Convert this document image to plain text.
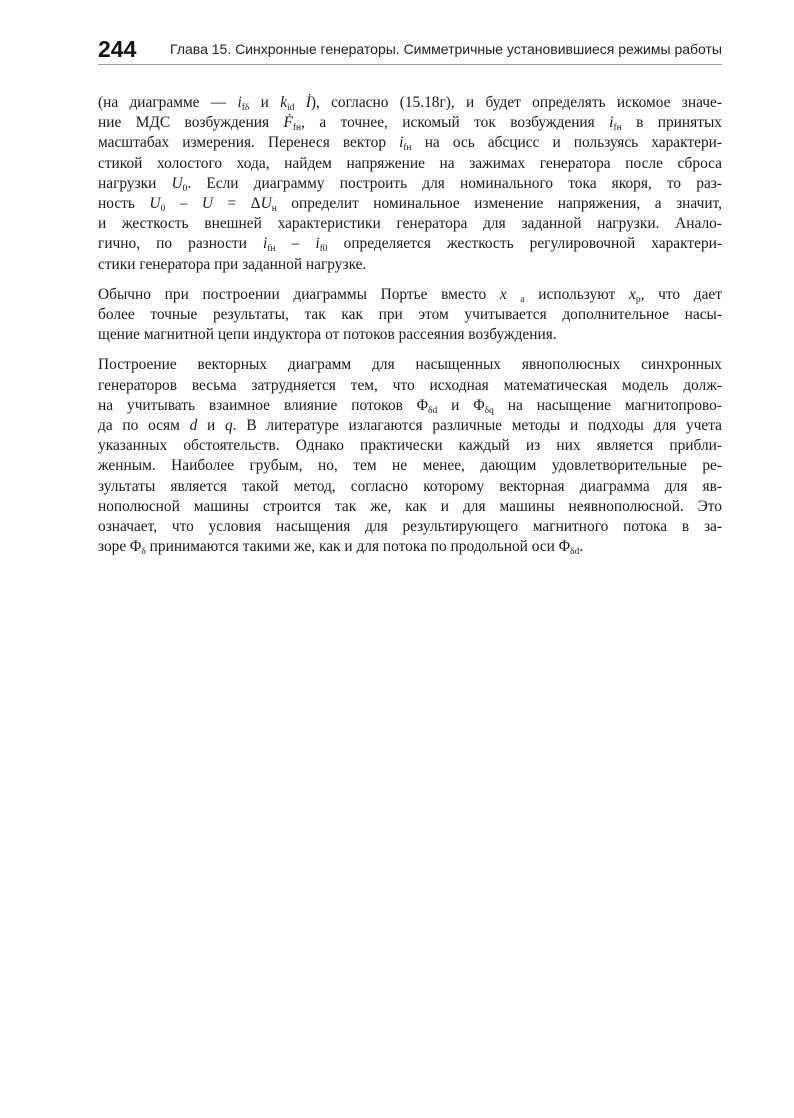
244 Глава 15. Синхронные генераторы. Симметричные установившиеся режимы работы
(на диаграмме — $i_{f\delta}$ и $k_{id}$ İ), согласно (15.18г), и будет определять искомое значе-
ние МДС возбуждения Ḟ$_{fн}$, а точнее, искомый ток возбуждения $i_{fн}$ в принятых
масштабах измерения. Перенеся вектор $i_{fн}$ на ось абсцисс и пользуясь характери-
стикой холостого хода, найдем напряжение на зажимах генератора после сброса
нагрузки $U_0$. Если диаграмму построить для номинального тока якоря, то раз-
ность $U_0 - U = \Delta U_н$ определит номинальное изменение напряжения, а значит,
и жесткость внешней характеристики генератора для заданной нагрузки. Анало-
гично, по разности $i_{fн} - i_{f0}$ определяется жесткость регулировочной характери-
стики генератора при заданной нагрузке.
Обычно при построении диаграммы Портье вместо x $_a$ используют $x_p$, что дает
более точные результаты, так как при этом учитывается дополнительное насы-
щение магнитной цепи индуктора от потоков рассеяния возбуждения.
Построение векторных диаграмм для насыщенных явнополюсных синхронных
генераторов весьма затрудняется тем, что исходная математическая модель долж-
на учитывать взаимное влияние потоков $\Phi_{\delta d}$ и $\Phi_{\delta q}$ на насыщение магнитопрово-
да по осям d и q. В литературе излагаются различные методы и подходы для учета
указанных обстоятельств. Однако практически каждый из них является прибли-
женным. Наиболее грубым, но, тем не менее, дающим удовлетворительные ре-
зультаты является такой метод, согласно которому векторная диаграмма для яв-
нополюсной машины строится так же, как и для машины неявнополюсной. Это
означает, что условия насыщения для результирующего магнитного потока в за-
зоре $\Phi_\delta$ принимаются такими же, как и для потока по продольной оси $\Phi_{\delta d}$.
